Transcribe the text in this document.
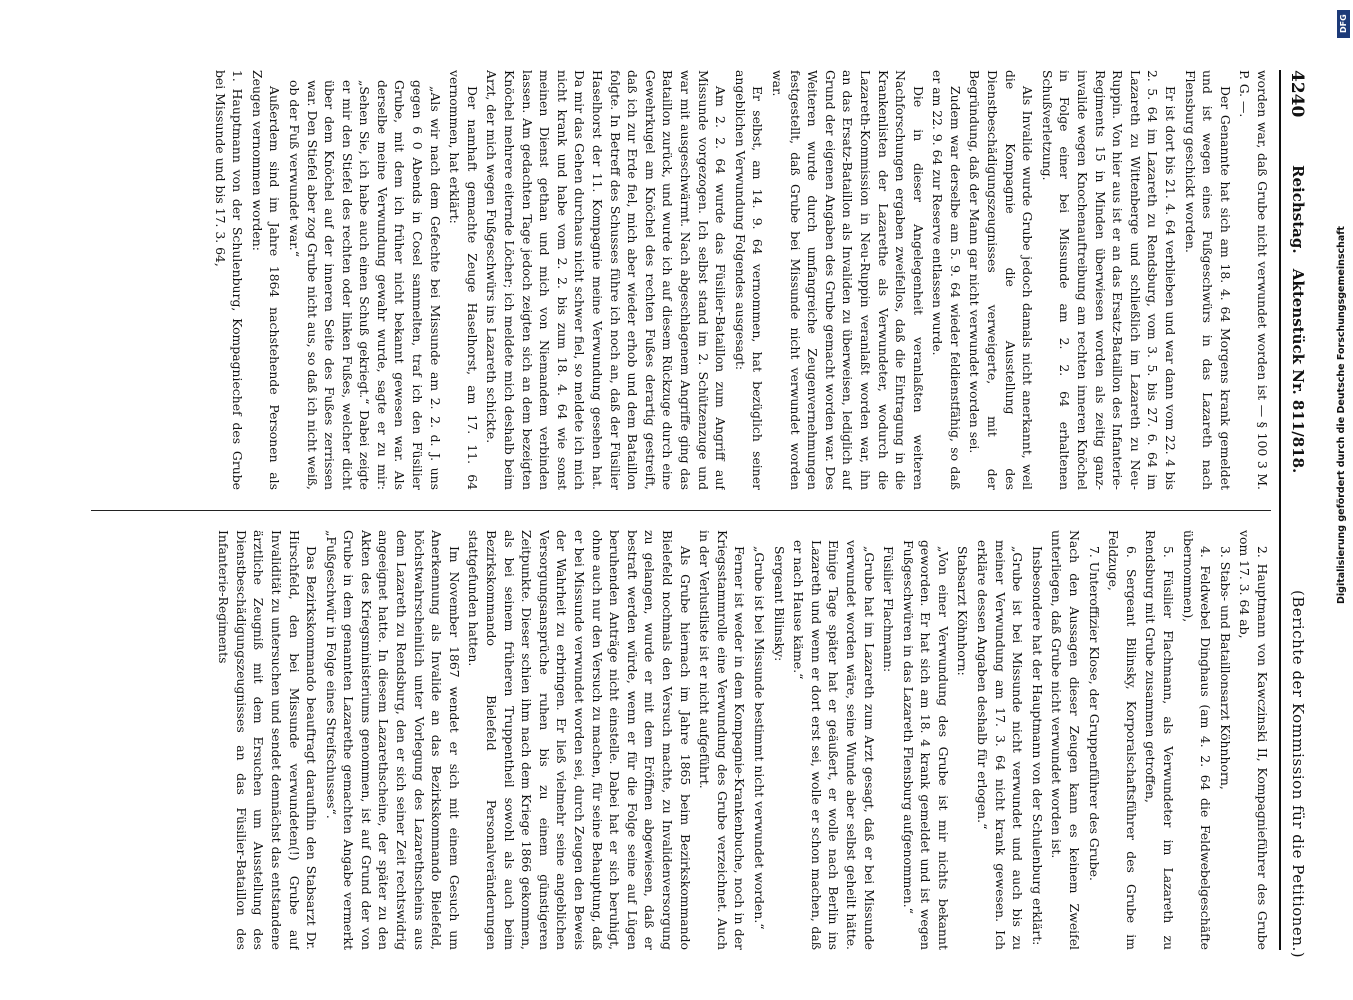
4240
Reichstag. Aktenstück Nr. 811/818.
(Berichte der Kommission für die Petitionen.)

worden war, daß Grube nicht verwundet worden ist — § 100 3 M. P. G. —.

Der Genannte hat sich am 18. 4. 64 Morgens krank gemeldet und ist wegen eines Fußgeschwürs in das Lazareth nach Flensburg geschickt worden.

Er ist dort bis 21. 4. 64 verblieben und war dann vom 22. 4 bis 2. 5. 64 im Lazareth zu Rendsburg, vom 3. 5. bis 27. 6. 64 im Lazareth zu Wittenberge und schließlich im Lazareth zu Neu-Ruppin. Von hier aus ist er an das Ersatz-Bataillon des Infanterie-Regiments 15 in Minden überwiesen worden als zeitig ganz-invalide wegen Knochenauftreibung am rechten inneren Knöchel in Folge einer bei Missunde am 2. 2. 64 erhaltenen Schußverletzung.

Als Invalide wurde Grube jedoch damals nicht anerkannt, weil die Kompagnie die Ausstellung des Dienstbeschädigungszeugnisses verweigerte, mit der Begründung, daß der Mann gar nicht verwundet worden sei.

Zudem war derselbe am 5. 9. 64 wieder feldienstfähig, so daß er am 22. 9. 64 zur Reserve entlassen wurde.

Die in dieser Angelegenheit veranlaßten weiteren Nachforschungen ergaben zweifellos, daß die Eintragung in die Krankenlisten der Lazarethe als Verwundeter, wodurch die Lazareth-Kommission in Neu-Ruppin veranlaßt worden war, ihn an das Ersatz-Bataillon als Invaliden zu überweisen, lediglich auf Grund der eigenen Angaben des Grube gemacht worden war. Des Weiteren wurde durch umfangreiche Zeugenvernehmungen festgestellt, daß Grube bei Missunde nicht verwundet worden war.

Er selbst, am 14. 9. 64 vernommen, hat bezüglich seiner angeblichen Verwundung Folgendes ausgesagt:

Am 2. 2. 64 wurde das Füsilier-Bataillon zum Angriff auf Missunde vorgezogen. Ich selbst stand im 2. Schützenzuge und war mit ausgeschwärmt. Nach abgeschlagenem Angriffe ging das Bataillon zurück, und wurde ich auf diesem Rückzuge durch eine Gewehrkugel am Knöchel des rechten Fußes derartig gestreift, daß ich zur Erde fiel, mich aber wieder erhob und dem Bataillon folgte. In Betreff des Schusses führe ich noch an, daß der Füsilier Haselhorst der 11. Kompagnie meine Verwundung gesehen hat. Da mir das Gehen durchaus nicht schwer fiel, so meldete ich mich nicht krank und habe vom 2. 2. bis zum 18. 4. 64 wie sonst meinen Dienst gethan und mich von Niemandem verbinden lassen. Am gedachten Tage jedoch zeigten sich an dem bezeigten Knöchel mehrere eiternde Löcher; ich meldete mich deshalb beim Arzt, der mich wegen Fußgeschwürs ins Lazareth schickte.

Der namhaft gemachte Zeuge Haselhorst, am 17. 11. 64 vernommen, hat erklärt:

„Als wir nach dem Gefechte bei Missunde am 2. 2. d. J. uns gegen 6 0 Abends in Cosel sammelten, traf ich den Füsilier Grube, mit dem ich früher nicht bekannt gewesen war. Als derselbe meine Verwundung gewahr wurde, sagte er zu mir: „Sehen Sie, ich habe auch einen Schuß gekriegt.“ Dabei zeigte er mir den Stiefel des rechten oder linken Fußes, welcher dicht über dem Knöchel auf der inneren Seite des Fußes zerrissen war. Den Stiefel aber zog Grube nicht aus, so daß ich nicht weiß, ob der Fuß verwundet war.“

Außerdem sind im Jahre 1864 nachstehende Personen als Zeugen vernommen worden:

1. Hauptmann von der Schulenburg, Kompagniechef des Grube bei Missunde und bis 17. 3. 64,

2. Hauptmann von Kawczinski II, Kompagnieführer des Grube vom 17. 3. 64 ab,

3. Stabs- und Bataillonsarzt Köhnhorn,

4. Feldwebel Dinghaus (am 4. 2. 64 die Feldwebelgeschäfte übernommen),

5. Füsilier Flachmann, als Verwundeter im Lazareth zu Rendsburg mit Grube zusammen getroffen,

6. Sergeant Bilinsky, Korporalschaftsführer des Grube im Feldzuge,

7. Unteroffizier Klose, der Gruppenführer des Grube.

Nach den Aussagen dieser Zeugen kann es keinem Zweifel unterliegen, daß Grube nicht verwundet worden ist.

Insbesondere hat der Hauptmann von der Schulenburg erklärt:

„Grube ist bei Missunde nicht verwundet und auch bis zu meiner Verwundung am 17. 3. 64 nicht krank gewesen. Ich erkläre dessen Angaben deshalb für erlogen.“

Stabsarzt Köhnhorn:

„Von einer Verwundung des Grube ist mir nichts bekannt geworden. Er hat sich am 18. 4 krank gemeldet und ist wegen Fußgeschwüren in das Lazareth Flensburg aufgenommen.“

Füsilier Flachmann:

„Grube hat im Lazareth zum Arzt gesagt, daß er bei Missunde verwundet worden wäre, seine Wunde aber selbst geheilt hätte. Einige Tage später hat er geäußert, er wolle nach Berlin ins Lazareth und wenn er dort erst sei, wolle er schon machen, daß er nach Hause käme.“

Sergeant Bilinsky:

„Grube ist bei Missunde bestimmt nicht verwundet worden.“

Ferner ist weder in dem Kompagnie-Krankenbuche, noch in der Kriegsstammrolle eine Verwundung des Grube verzeichnet. Auch in der Verlustliste ist er nicht aufgeführt.

Als Grube hiernach im Jahre 1865 beim Bezirkskommando Bielefeld nochmals den Versuch machte, zu Invalidenversorgung zu gelangen, wurde er mit dem Eröffnen abgewiesen, daß er bestraft werden würde, wenn er für die Folge seine auf Lügen beruhenden Anträge nicht einstelle. Dabei hat er sich beruhigt, ohne auch nur den Versuch zu machen, für seine Behauptung, daß er bei Missunde verwundet worden sei, durch Zeugen den Beweis der Wahrheit zu erbringen. Er ließ vielmehr seine angeblichen Versorgungsansprüche ruhen bis zu einem günstigeren Zeitpunkte. Dieser schien ihm nach dem Kriege 1866 gekommen, als bei seinem früheren Truppentheil sowohl als auch beim Bezirkskommando Bielefeld Personalveränderungen stattgefunden hatten.

Im November 1867 wendet er sich mit einem Gesuch um Anerkennung als Invalide an das Bezirkskommando Bielefeld, höchstwahrscheinlich unter Vorlegung des Lazarethscheins aus dem Lazareth zu Rendsburg, den er sich seiner Zeit rechtswidrig angeeignet hatte. In diesem Lazarethscheine, der später zu den Akten des Kriegsministeriums genommen, ist auf Grund der von Grube in dem genannten Lazarethe gemachten Angabe vermerkt „Fußgeschwür in Folge eines Streifschusses“.

Das Bezirkskommando beauftragt daraufhin den Stabsarzt Dr. Hirschfeld, den bei Missunde verwundeten(!) Grube auf Invalidität zu untersuchen und sendet demnächst das entstandene ärztliche Zeugniß mit dem Ersuchen um Ausstellung des Dienstbeschädigungszeugnisses an das Füsilier-Bataillon des Infanterie-Regiments

DFG
Digitalisierung gefördert durch die Deutsche Forschungsgemeinschaft
